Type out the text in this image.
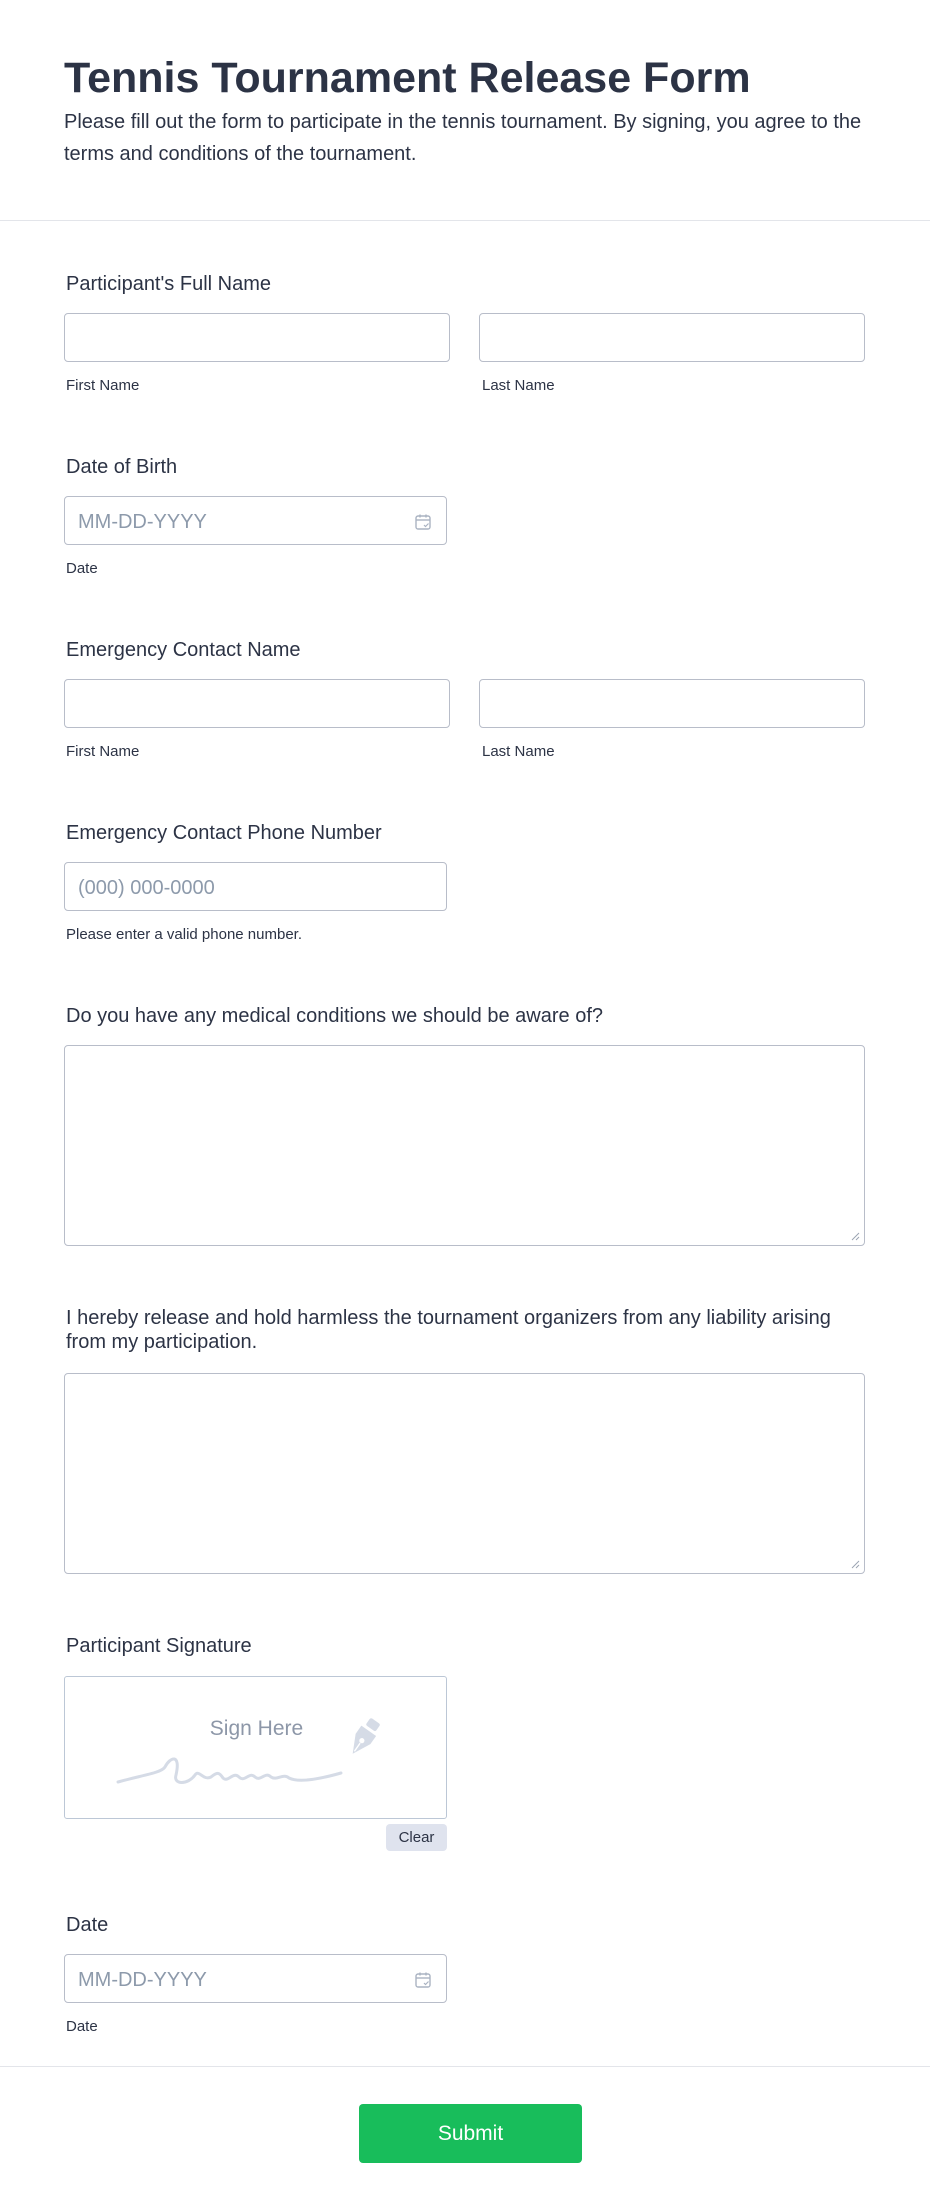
Tennis Tournament Release Form

Please fill out the form to participate in the tennis tournament. By signing, you agree to the terms and conditions of the tournament.

Participant's Full Name
First Name	Last Name
Date of Birth
MM-DD-YYYY
Date
Emergency Contact Name
First Name	Last Name
Emergency Contact Phone Number
(000) 000-0000
Please enter a valid phone number.
Do you have any medical conditions we should be aware of?
I hereby release and hold harmless the tournament organizers from any liability arising from my participation.
Participant Signature
Sign Here
Clear
Date
MM-DD-YYYY
Date
Submit
